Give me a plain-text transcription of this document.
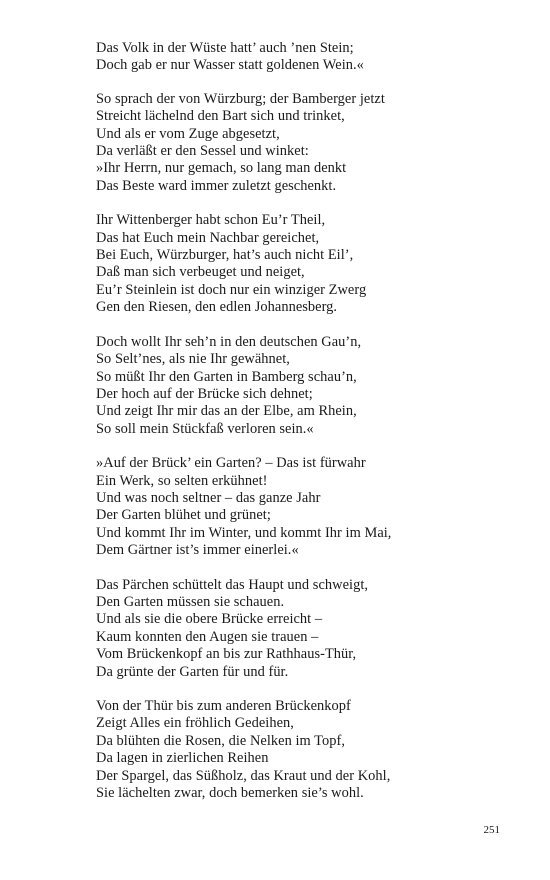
Das Volk in der Wüste hatt’ auch ’nen Stein;
Doch gab er nur Wasser statt goldenen Wein.«
So sprach der von Würzburg; der Bamberger jetzt
Streicht lächelnd den Bart sich und trinket,
Und als er vom Zuge abgesetzt,
Da verläßt er den Sessel und winket:
»Ihr Herrn, nur gemach, so lang man denkt
Das Beste ward immer zuletzt geschenkt.
Ihr Wittenberger habt schon Eu’r Theil,
Das hat Euch mein Nachbar gereichet,
Bei Euch, Würzburger, hat’s auch nicht Eil’,
Daß man sich verbeuget und neiget,
Eu’r Steinlein ist doch nur ein winziger Zwerg
Gen den Riesen, den edlen Johannesberg.
Doch wollt Ihr seh’n in den deutschen Gau’n,
So Selt’nes, als nie Ihr gewähnet,
So müßt Ihr den Garten in Bamberg schau’n,
Der hoch auf der Brücke sich dehnet;
Und zeigt Ihr mir das an der Elbe, am Rhein,
So soll mein Stückfaß verloren sein.«
»Auf der Brück’ ein Garten? – Das ist fürwahr
Ein Werk, so selten erkühnet!
Und was noch seltner – das ganze Jahr
Der Garten blühet und grünet;
Und kommt Ihr im Winter, und kommt Ihr im Mai,
Dem Gärtner ist’s immer einerlei.«
Das Pärchen schüttelt das Haupt und schweigt,
Den Garten müssen sie schauen.
Und als sie die obere Brücke erreicht –
Kaum konnten den Augen sie trauen –
Vom Brückenkopf an bis zur Rathhaus-Thür,
Da grünte der Garten für und für.
Von der Thür bis zum anderen Brückenkopf
Zeigt Alles ein fröhlich Gedeihen,
Da blühten die Rosen, die Nelken im Topf,
Da lagen in zierlichen Reihen
Der Spargel, das Süßholz, das Kraut und der Kohl,
Sie lächelten zwar, doch bemerken sie’s wohl.
251
